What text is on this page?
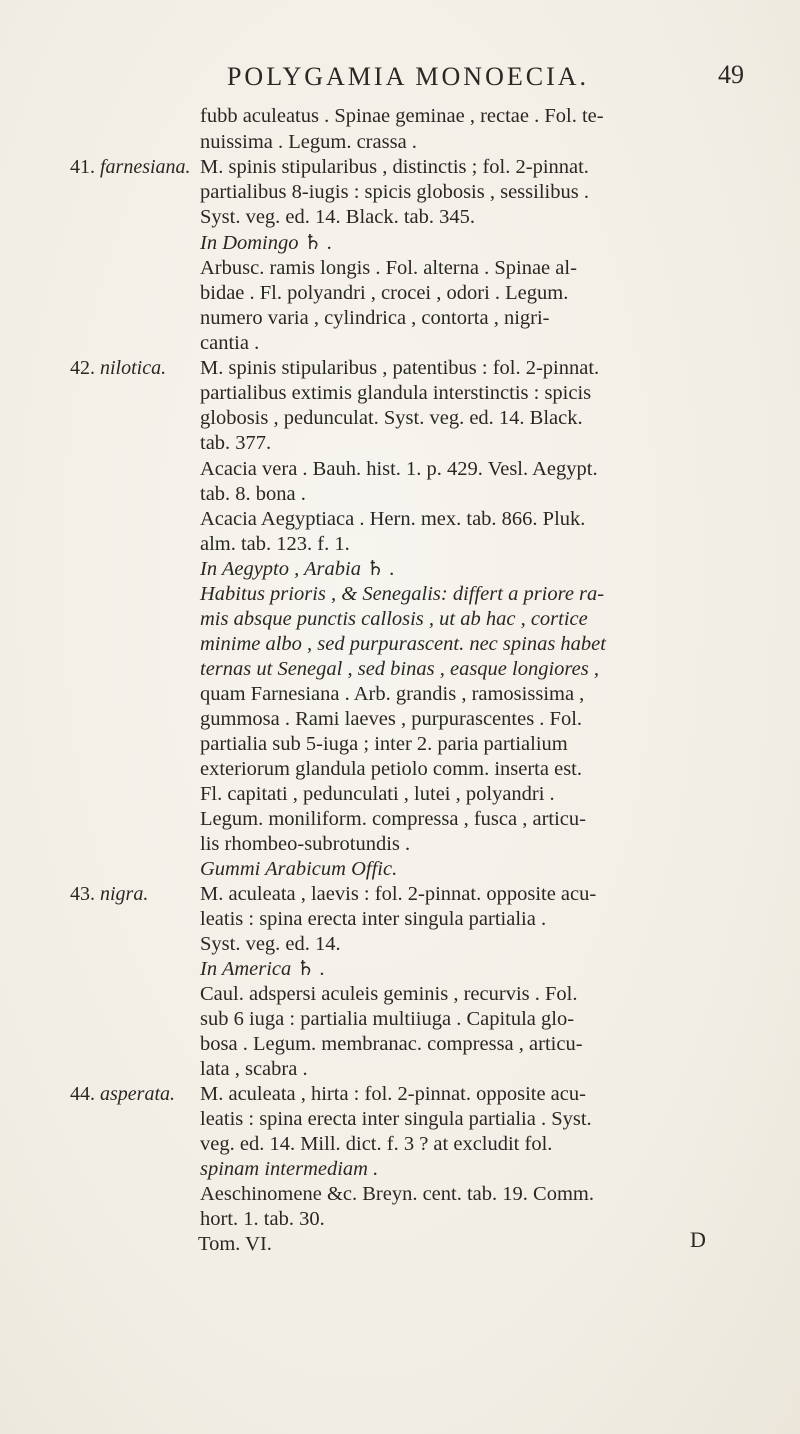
POLYGAMIA MONOECIA.	49
fubb aculeatus . Spinae geminae , rectae . Fol. te-
nuissima . Legum. crassa .
41. farnesiana. M. spinis stipularibus , distinctis ; fol. 2-pinnat.
partialibus 8-iugis : spicis globosis , sessilibus .
Syst. veg. ed. 14. Black. tab. 345.
In Domingo ♄ .
Arbusc. ramis longis . Fol. alterna . Spinae al-
bidae . Fl. polyandri , crocei , odori . Legum.
numero varia , cylindrica , contorta , nigri-
cantia .
42. nilotica. M. spinis stipularibus , patentibus : fol. 2-pinnat.
partialibus extimis glandula interstinctis : spicis
globosis , pedunculat. Syst. veg. ed. 14. Black.
tab. 377.
Acacia vera . Bauh. hist. 1. p. 429. Vesl. Aegypt.
tab. 8. bona .
Acacia Aegyptiaca . Hern. mex. tab. 866. Pluk.
alm. tab. 123. f. 1.
In Aegypto , Arabia ♄ .
Habitus prioris , & Senegalis: differt a priore ra-
mis absque punctis callosis , ut ab hac , cortice
minime albo , sed purpurascent. nec spinas habet
ternas ut Senegal , sed binas , easque longiores ,
quam Farnesiana . Arb. grandis , ramosissima ,
gummosa . Rami laeves , purpurascentes . Fol.
partialia sub 5-iuga ; inter 2. paria partialium
exteriorum glandula petiolo comm. inserta est.
Fl. capitati , pedunculati , lutei , polyandri .
Legum. moniliform. compressa , fusca , articu-
lis rhombeo-subrotundis .
Gummi Arabicum Offic.
43. nigra.	M. aculeata , laevis : fol. 2-pinnat. opposite acu-
leatis : spina erecta inter singula partialia .
Syst. veg. ed. 14.
In America ♄ .
Caul. adspersi aculeis geminis , recurvis . Fol.
sub 6 iuga : partialia multiiuga . Capitula glo-
bosa . Legum. membranac. compressa , articu-
lata , scabra .
44. asperata. M. aculeata , hirta : fol. 2-pinnat. opposite acu-
leatis : spina erecta inter singula partialia . Syst.
veg. ed. 14. Mill. dict. f. 3 ? at excludit fol.
spinam intermediam .
Aeschinomene &c. Breyn. cent. tab. 19. Comm.
hort. 1. tab. 30.
Tom. VI.	D
